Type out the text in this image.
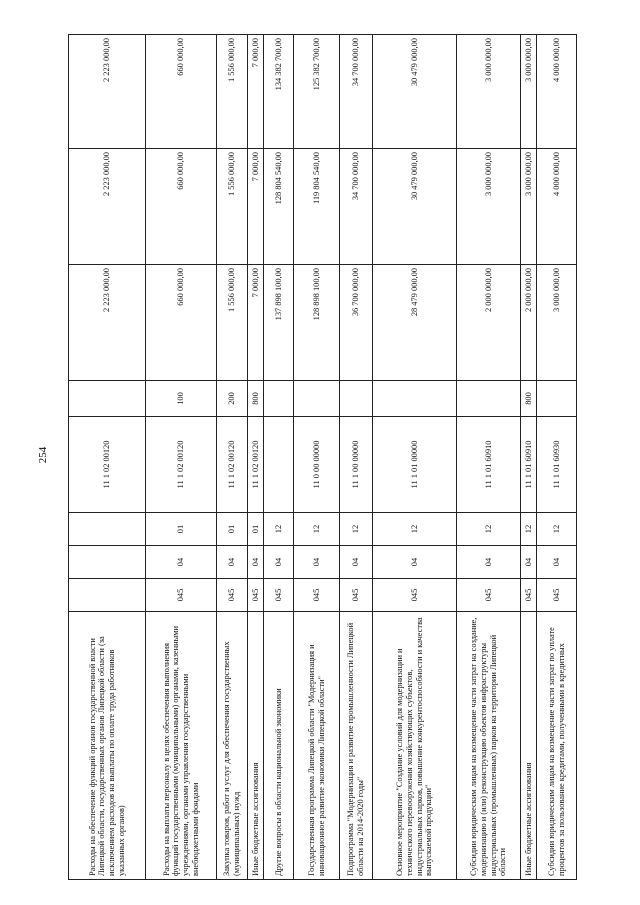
254
Расходы на обеспечение функций органов государственной власти Липецкой области, государственных органов Липецкой области (за исключением расходов на выплаты по оплате труда работников указанных органов)				11 1 02 00120		2 223 000,00	2 223 000,00	2 223 000,00
Расходы на выплаты персоналу в целях обеспечения выполнения функций государственными (муниципальными) органами, казенными учреждениями, органами управления государственными внебюджетными фондами	045	04	01	11 1 02 00120	100	660 000,00	660 000,00	660 000,00
Закупка товаров, работ и услуг для обеспечения государственных (муниципальных) нужд	045	04	01	11 1 02 00120	200	1 556 000,00	1 556 000,00	1 556 000,00
Иные бюджетные ассигнования	045	04	01	11 1 02 00120	800	7 000,00	7 000,00	7 000,00
Другие вопросы в области национальной экономики	045	04	12			137 898 100,00	128 804 540,00	134 382 700,00
Государственная программа Липецкой области "Модернизация и инновационное развитие экономики Липецкой области"	045	04	12	11 0 00 00000		128 898 100,00	119 804 540,00	125 382 700,00
Подпрограмма "Модернизация и развитие промышленности Липецкой области на 2014-2020 годы"	045	04	12	11 1 00 00000		36 700 000,00	34 700 000,00	34 700 000,00
Основное мероприятие "Создание условий для модернизации и технического перевооружения хозяйствующих субъектов, индустриальных парков, повышение конкурентоспособности и качества выпускаемой продукции"	045	04	12	11 1 01 00000		28 479 000,00	30 479 000,00	30 479 000,00
Субсидии юридическим лицам на возмещение части затрат на создание, модернизацию и (или) реконструкцию объектов инфраструктуры индустриальных (промышленных) парков на территории Липецкой области	045	04	12	11 1 01 60910		2 000 000,00	3 000 000,00	3 000 000,00
Иные бюджетные ассигнования	045	04	12	11 1 01 60910	800	2 000 000,00	3 000 000,00	3 000 000,00
Субсидии юридическим лицам на возмещение части затрат по уплате процентов за пользование кредитами, полученными в кредитных	045	04	12	11 1 01 60930		3 000 000,00	4 000 000,00	4 000 000,00
